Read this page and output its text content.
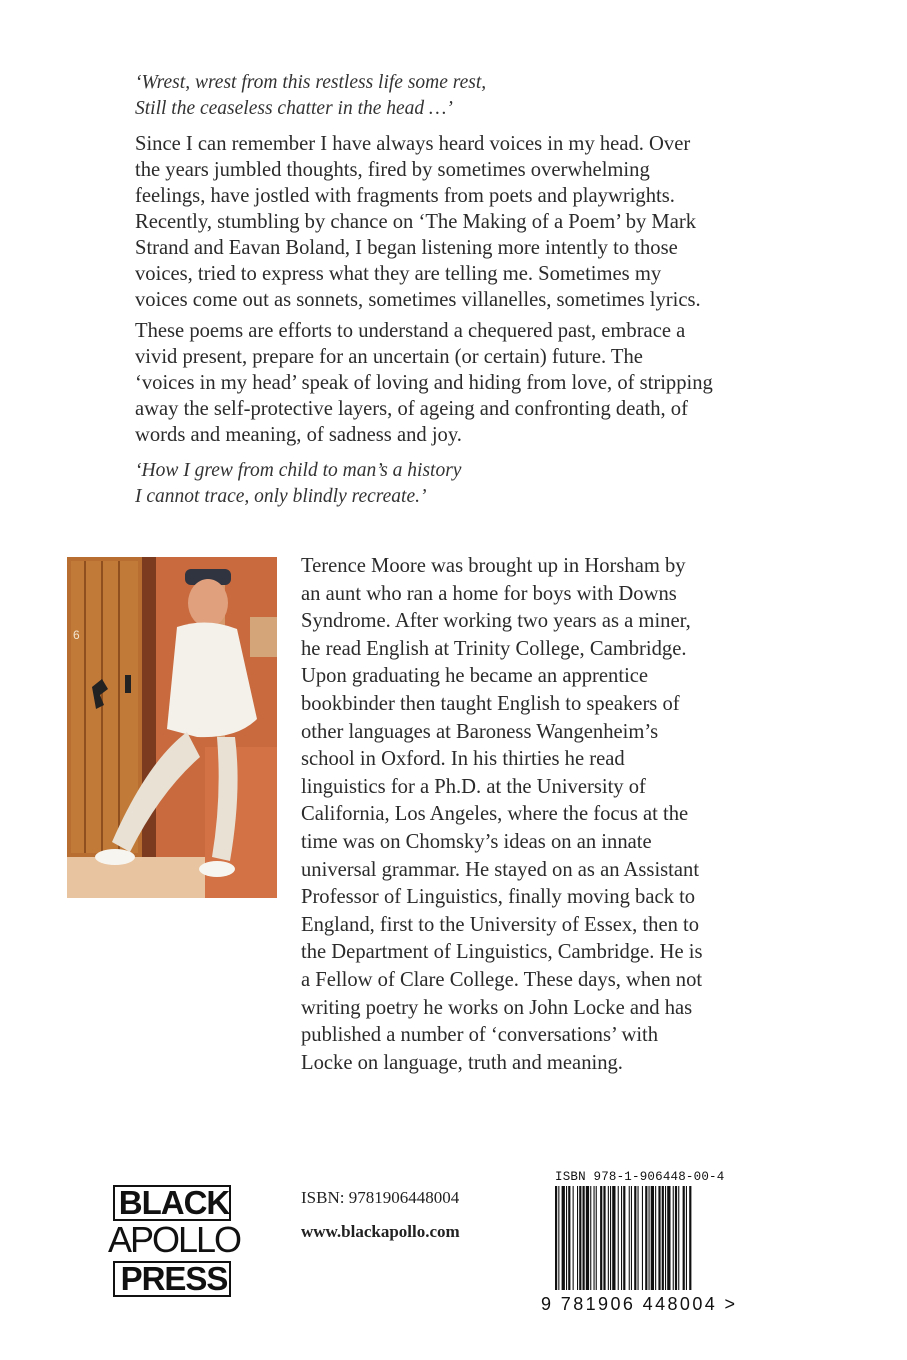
‘Wrest, wrest from this restless life some rest,
Still the ceaseless chatter in the head …’
Since I can remember I have always heard voices in my head. Over
the years jumbled thoughts, fired by sometimes overwhelming
feelings, have jostled with fragments from poets and playwrights.
Recently, stumbling by chance on ‘The Making of a Poem’ by Mark
Strand and Eavan Boland, I began listening more intently to those
voices, tried to express what they are telling me. Sometimes my
voices come out as sonnets, sometimes villanelles, sometimes lyrics.
These poems are efforts to understand a chequered past, embrace a
vivid present, prepare for an uncertain (or certain) future. The
‘voices in my head’ speak of loving and hiding from love, of stripping
away the self-protective layers, of ageing and confronting death, of
words and meaning, of sadness and joy.
‘How I grew from child to man’s a history
I cannot trace, only blindly recreate.’
6
Terence Moore was brought up in Horsham by
an aunt who ran a home for boys with Downs
Syndrome. After working two years as a miner,
he read English at Trinity College, Cambridge.
Upon graduating he became an apprentice
bookbinder then taught English to speakers of
other languages at Baroness Wangenheim’s
school in Oxford. In his thirties he read
linguistics for a Ph.D. at the University of
California, Los Angeles, where the focus at the
time was on Chomsky’s ideas on an innate
universal grammar. He stayed on as an Assistant
Professor of Linguistics, finally moving back to
England, first to the University of Essex, then to
the Department of Linguistics, Cambridge. He is
a Fellow of Clare College. These days, when not
writing poetry he works on John Locke and has
published a number of ‘conversations’ with
Locke on language, truth and meaning.
BLACK
APOLLO
PRESS
ISBN: 9781906448004
www.blackapollo.com
ISBN 978-1-906448-00-4
9 781906 448004 >
